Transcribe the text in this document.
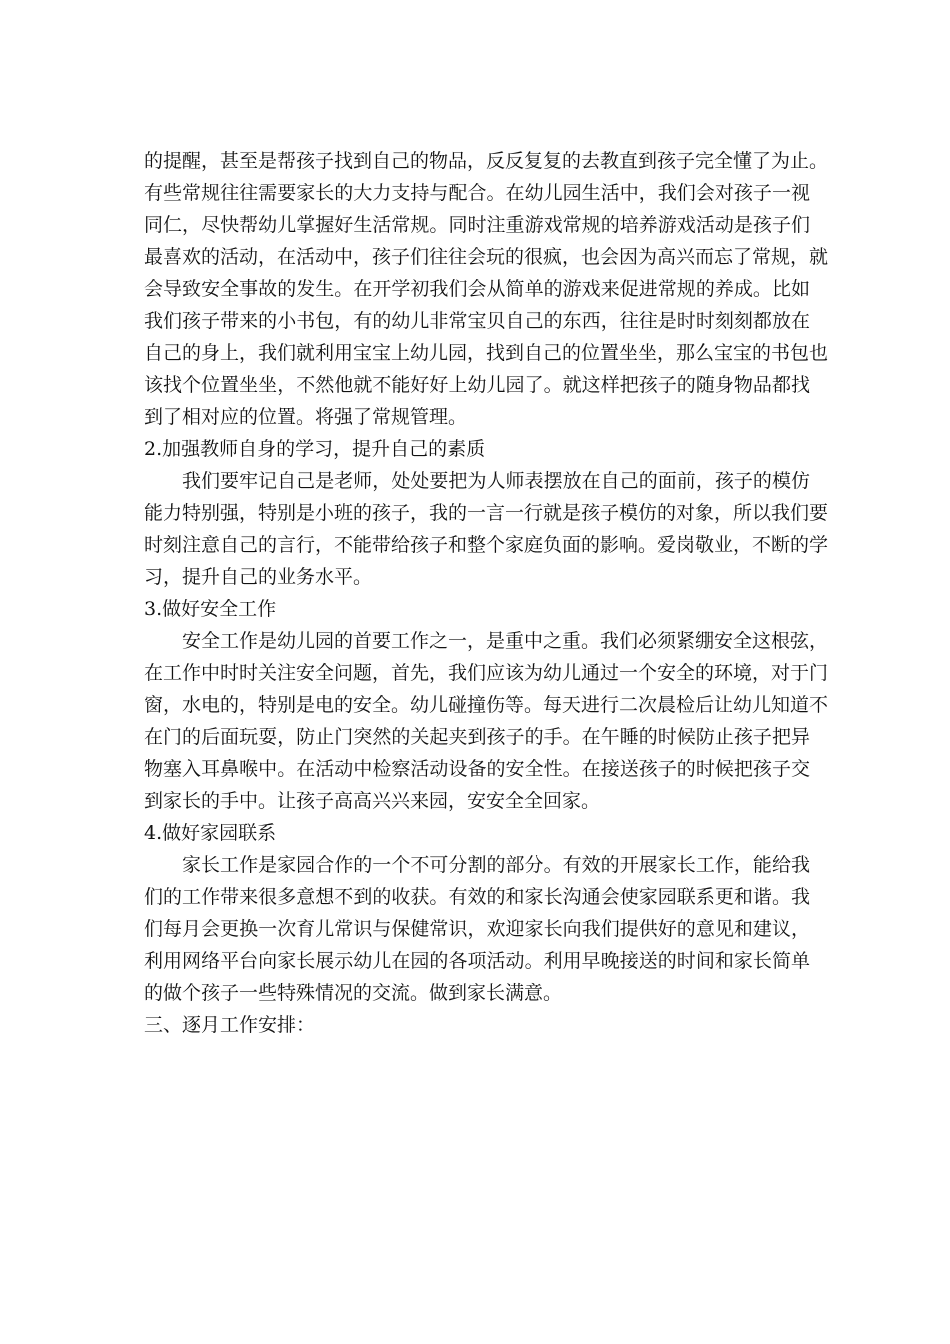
的提醒，甚至是帮孩子找到自己的物品，反反复复的去教直到孩子完全懂了为止。
有些常规往往需要家长的大力支持与配合。在幼儿园生活中，我们会对孩子一视
同仁，尽快帮幼儿掌握好生活常规。同时注重游戏常规的培养游戏活动是孩子们
最喜欢的活动，在活动中，孩子们往往会玩的很疯，也会因为高兴而忘了常规，就
会导致安全事故的发生。在开学初我们会从简单的游戏来促进常规的养成。比如
我们孩子带来的小书包，有的幼儿非常宝贝自己的东西，往往是时时刻刻都放在
自己的身上，我们就利用宝宝上幼儿园，找到自己的位置坐坐，那么宝宝的书包也
该找个位置坐坐，不然他就不能好好上幼儿园了。就这样把孩子的随身物品都找
到了相对应的位置。将强了常规管理。
2.加强教师自身的学习，提升自己的素质
我们要牢记自己是老师，处处要把为人师表摆放在自己的面前，孩子的模仿
能力特别强，特别是小班的孩子，我的一言一行就是孩子模仿的对象，所以我们要
时刻注意自己的言行，不能带给孩子和整个家庭负面的影响。爱岗敬业，不断的学
习，提升自己的业务水平。
3.做好安全工作
安全工作是幼儿园的首要工作之一，是重中之重。我们必须紧绷安全这根弦，
在工作中时时关注安全问题，首先，我们应该为幼儿通过一个安全的环境，对于门
窗，水电的，特别是电的安全。幼儿碰撞伤等。每天进行二次晨检后让幼儿知道不
在门的后面玩耍，防止门突然的关起夹到孩子的手。在午睡的时候防止孩子把异
物塞入耳鼻喉中。在活动中检察活动设备的安全性。在接送孩子的时候把孩子交
到家长的手中。让孩子高高兴兴来园，安安全全回家。
4.做好家园联系
家长工作是家园合作的一个不可分割的部分。有效的开展家长工作，能给我
们的工作带来很多意想不到的收获。有效的和家长沟通会使家园联系更和谐。我
们每月会更换一次育儿常识与保健常识，欢迎家长向我们提供好的意见和建议，
利用网络平台向家长展示幼儿在园的各项活动。利用早晚接送的时间和家长简单
的做个孩子一些特殊情况的交流。做到家长满意。
三、逐月工作安排：
